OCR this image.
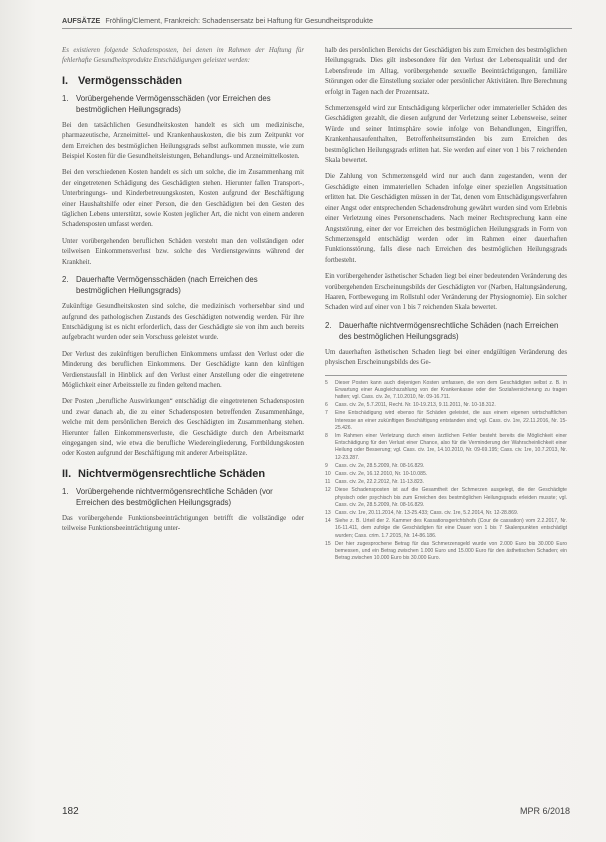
AUFSÄTZE Fröhling/Clement, Frankreich: Schadensersatz bei Haftung für Gesundheitsprodukte

Es existieren folgende Schadensposten, bei denen im Rahmen der Haftung für fehlerhafte Gesundheitsprodukte Entschädigungen geleistet werden:

I. Vermögensschäden
1. Vorübergehende Vermögensschäden (vor Erreichen des bestmöglichen Heilungsgrads)

Bei den tatsächlichen Gesundheitskosten handelt es sich um medizinische, pharmazeutische, Arzneimittel- und Krankenhauskosten, die bis zum Zeitpunkt vor dem Erreichen des bestmöglichen Heilungsgrads selbst aufkommen musste, wie zum Beispiel Kosten für die Gesundheitsleistungen, Behandlungs- und Arzneimittelkosten.

Bei den verschiedenen Kosten handelt es sich um solche, die im Zusammenhang mit der eingetretenen Schädigung des Geschädigten stehen. Hierunter fallen Transport-, Unterbringungs- und Kinderbetreuungskosten, Kosten aufgrund der Beschäftigung einer Haushaltshilfe oder einer Person, die den Geschädigten bei den Gesten des täglichen Lebens unterstützt, sowie Kosten jeglicher Art, die nicht von einem anderen Schadensposten umfasst werden.

Unter vorübergehenden beruflichen Schäden versteht man den vollständigen oder teilweisen Einkommensverlust bzw. solche des Verdienstgewinns während der Krankheit.

2. Dauerhafte Vermögensschäden (nach Erreichen des bestmöglichen Heilungsgrads)

Zukünftige Gesundheitskosten sind solche, die medizinisch vorhersehbar sind und aufgrund des pathologischen Zustands des Geschädigten notwendig werden. Für ihre Entschädigung ist es nicht erforderlich, dass der Geschädigte sie von ihm auch bereits aufgebracht wurden oder sein Vorschuss geleistet wurde.

Der Verlust des zukünftigen beruflichen Einkommens umfasst den Verlust oder die Minderung des beruflichen Einkommens. Der Geschädigte kann den künftigen Verdienstausfall in Hinblick auf den Verlust einer Anstellung oder die eingetretene Möglichkeit einer Arbeitsstelle zu finden geltend machen.

Der Posten „berufliche Auswirkungen“ entschädigt die eingetretenen Schadensposten und zwar danach ab, die zu einer Schadensposten betreffenden Zusammenhänge, welche mit dem persönlichen Bereich des Geschädigten im Zusammenhang stehen. Hierunter fallen Einkommensverluste, die Geschädigte durch den Arbeitsmarkt eingegangen sind, wie etwa die berufliche Wiedereingliederung, Fortbildungskosten oder Kosten aufgrund der Beschäftigung mit anderer Arbeitsplätze.

II. Nichtvermögensrechtliche Schäden
1. Vorübergehende nichtvermögensrechtliche Schäden (vor Erreichen des bestmöglichen Heilungsgrads)

Das vorübergehende Funktionsbeeinträchtigungen betrifft die vollständige oder teilweise Funktionsbeeinträchtigung unter-

halb des persönlichen Bereichs der Geschädigten bis zum Erreichen des bestmöglichen Heilungsgrads. Dies gilt insbesondere für den Verlust der Lebensqualität und der Lebensfreude im Alltag, vorübergehende sexuelle Beeinträchtigungen, familiäre Störungen oder die Einstellung sozialer oder persönlicher Aktivitäten. Ihre Berechnung erfolgt in Tagen nach der Prozentsatz.

Schmerzensgeld wird zur Entschädigung körperlicher oder immaterieller Schäden des Geschädigten gezahlt, die diesen aufgrund der Verletzung seiner Lebensweise, seiner Würde und seiner Intimsphäre sowie infolge von Behandlungen, Eingriffen, Krankenhausaufenthalten, Betroffenheitsumständen bis zum Erreichen des bestmöglichen Heilungsgrads erlitten hat. Sie werden auf einer von 1 bis 7 reichenden Skala bewertet.

Die Zahlung von Schmerzensgeld wird nur auch dann zugestanden, wenn der Geschädigte einen immateriellen Schaden infolge einer speziellen Angstsituation erlitten hat. Die Geschädigten müssen in der Tat, denen vom Entschädigungsverfahren einer Angst oder entsprechenden Schadensdrohung gewährt wurden sind vom Erlebnis einer Verletzung eines Personenschadens. Nach meiner Rechtsprechung kann eine Angststörung, einer der vor Erreichen des bestmöglichen Heilungsgrads in Form von Schmerzensgeld entschädigt werden oder im Rahmen einer dauerhaften Funktionsstörung, falls diese nach Erreichen des bestmöglichen Heilungsgrads fortbesteht.

Ein vorübergehender ästhetischer Schaden liegt bei einer bedeutenden Veränderung des vorübergehenden Erscheinungsbilds der Geschädigten vor (Narben, Haltungsänderung, Haaren, Fortbewegung im Rollstuhl oder Veränderung der Physiognomie). Ein solcher Schaden wird auf einer von 1 bis 7 reichenden Skala bewertet.

2. Dauerhafte nichtvermögensrechtliche Schäden (nach Erreichen des bestmöglichen Heilungsgrads)

Um dauerhaften ästhetischen Schaden liegt bei einer endgültigen Veränderung des physischen Erscheinungsbilds des Ge-

5	Dieser Posten kann auch diejenigen Kosten umfassen, die von dem Geschädigten selbst z. B. in Erwartung einer Ausgleichszahlung von der Krankenkasse oder der Sozialversicherung zu tragen hatten; vgl. Cass. civ. 2e, 7.10.2010, Nr. 09-16.711.
6	Cass. civ. 2e, 5.7.2011, Recht. Nr. 10-19.213, 9.11.2011, Nr. 10-18.312.
7	Eine Entschädigung wird ebenso für Schäden geleistet, die aus einem eigenen wirtschaftlichen Interesse an einer zukünftigen Beschäftigung entstanden sind; vgl. Cass. civ. 1re, 22.11.2016, Nr. 15-25.426.
8	Im Rahmen einer Verletzung durch einen ärztlichen Fehler besteht bereits die Möglichkeit einer Entschädigung für den Verlust einer Chance, also für die Verminderung der Wahrscheinlichkeit einer Heilung oder Besserung; vgl. Cass. civ. 1re, 14.10.2010, Nr. 09-69.195; Cass. civ. 1re, 10.7.2013, Nr. 12-23.287.
9	Cass. civ. 2e, 28.5.2009, Nr. 08-16.829.
10 Cass. civ. 2e, 16.12.2010, Nr. 10-10.085.
11 Cass. civ. 2e, 22.2.2012, Nr. 11-13.823.
12 Diese Schadensposten ist auf die Gesamtheit der Schmerzen ausgelegt, die der Geschädigte physisch oder psychisch bis zum Erreichen des bestmöglichen Heilungsgrads erleiden musste; vgl. Cass. civ. 2e, 28.5.2009, Nr. 08-16.829.
13 Cass. civ. 1re, 20.11.2014, Nr. 13-25.433; Cass. civ. 1re, 5.2.2014, Nr. 12-28.869.
14 Siehe z. B. Urteil der 2. Kammer des Kassationsgerichtshofs (Cour de cassation) vom 2.2.2017, Nr. 16-11.411, dem zufolge die Geschädigten für eine Dauer von 1 bis 7 Skalenpunkten entschädigt wurden; Cass. crim. 1.7.2015, Nr. 14-86.186.
15 Der hier zugesprochene Betrag für das Schmerzensgeld wurde von 2.000 Euro bis 30.000 Euro bemessen, und ein Betrag zwischen 1.000 Euro und 15.000 Euro für den ästhetischen Schaden; ein Betrag zwischen 10.000 Euro bis 30.000 Euro.
182	MPR 6/2018
